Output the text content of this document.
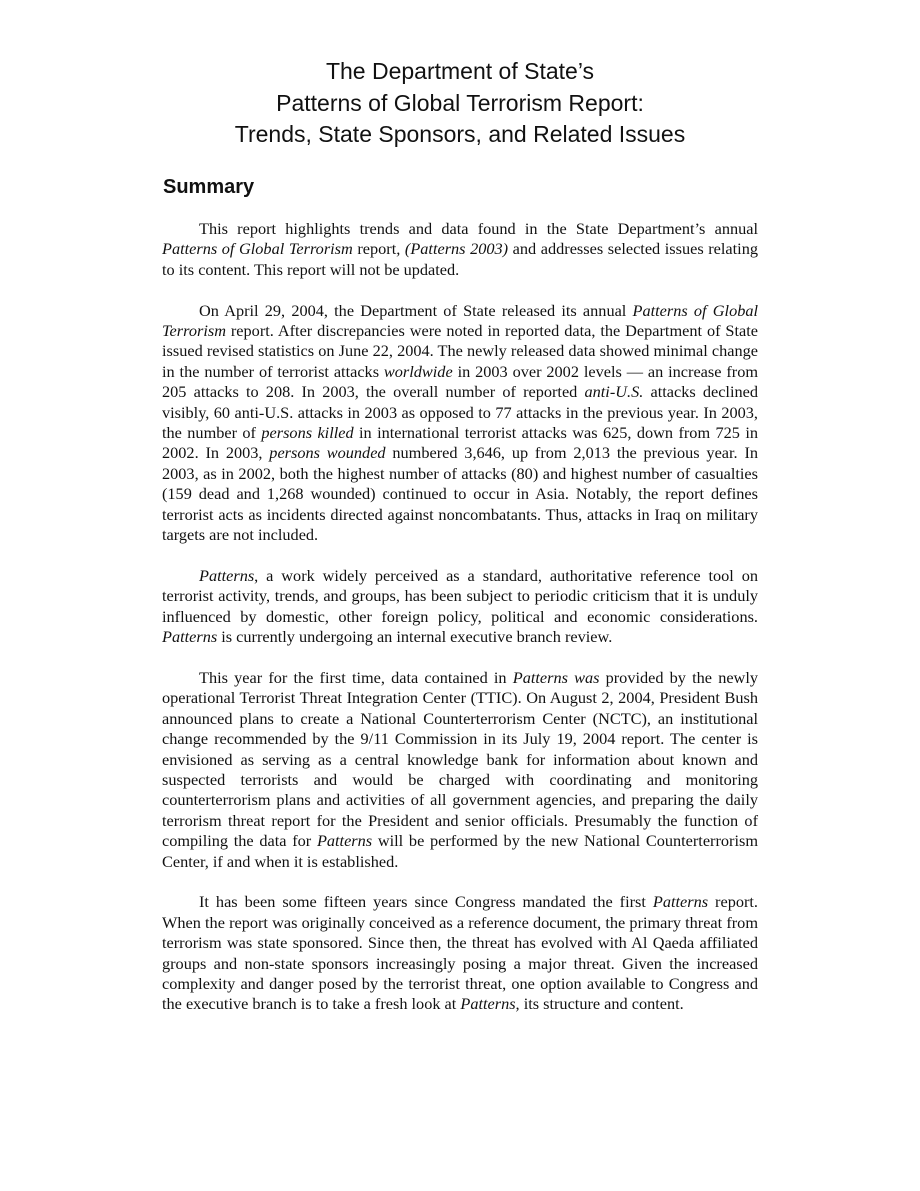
The Department of State’s
Patterns of Global Terrorism Report:
Trends, State Sponsors, and Related Issues
Summary

This report highlights trends and data found in the State Department’s annual Patterns of Global Terrorism report, (Patterns 2003) and addresses selected issues relating to its content. This report will not be updated.

On April 29, 2004, the Department of State released its annual Patterns of Global Terrorism report. After discrepancies were noted in reported data, the Department of State issued revised statistics on June 22, 2004. The newly released data showed minimal change in the number of terrorist attacks worldwide in 2003 over 2002 levels — an increase from 205 attacks to 208. In 2003, the overall number of reported anti-U.S. attacks declined visibly, 60 anti-U.S. attacks in 2003 as opposed to 77 attacks in the previous year. In 2003, the number of persons killed in international terrorist attacks was 625, down from 725 in 2002. In 2003, persons wounded numbered 3,646, up from 2,013 the previous year. In 2003, as in 2002, both the highest number of attacks (80) and highest number of casualties (159 dead and 1,268 wounded) continued to occur in Asia. Notably, the report defines terrorist acts as incidents directed against noncombatants. Thus, attacks in Iraq on military targets are not included.

Patterns, a work widely perceived as a standard, authoritative reference tool on terrorist activity, trends, and groups, has been subject to periodic criticism that it is unduly influenced by domestic, other foreign policy, political and economic considerations. Patterns is currently undergoing an internal executive branch review.

This year for the first time, data contained in Patterns was provided by the newly operational Terrorist Threat Integration Center (TTIC). On August 2, 2004, President Bush announced plans to create a National Counterterrorism Center (NCTC), an institutional change recommended by the 9/11 Commission in its July 19, 2004 report. The center is envisioned as serving as a central knowledge bank for information about known and suspected terrorists and would be charged with coordinating and monitoring counterterrorism plans and activities of all government agencies, and preparing the daily terrorism threat report for the President and senior officials. Presumably the function of compiling the data for Patterns will be performed by the new National Counterterrorism Center, if and when it is established.

It has been some fifteen years since Congress mandated the first Patterns report. When the report was originally conceived as a reference document, the primary threat from terrorism was state sponsored. Since then, the threat has evolved with Al Qaeda affiliated groups and non-state sponsors increasingly posing a major threat. Given the increased complexity and danger posed by the terrorist threat, one option available to Congress and the executive branch is to take a fresh look at Patterns, its structure and content.
